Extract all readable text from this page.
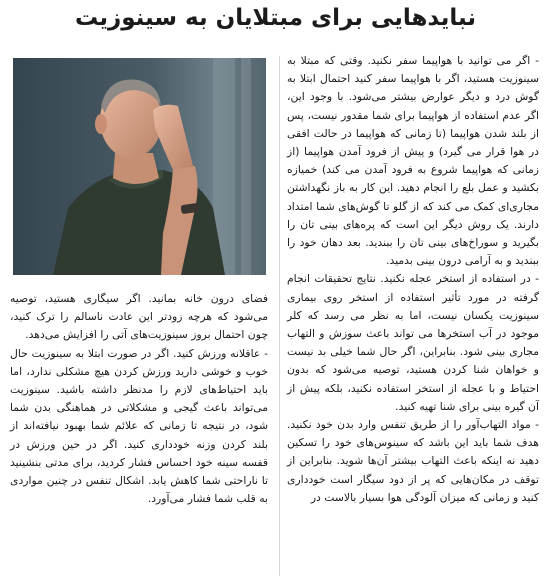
نبایدهایی برای مبتلایان به سینوزیت

- اگر می توانید با هواپیما سفر نکنید. وقتی که مبتلا به سینوزیت هستید، اگر با هواپیما سفر کنید احتمال ابتلا به گوش درد و دیگر عوارض بیشتر می‌شود. با وجود این، اگر عدم استفاده از هواپیما برای شما مقدور نیست، پس از بلند شدن هواپیما (تا زمانی که هواپیما در حالت افقی در هوا قرار می گیرد) و پیش از فرود آمدن هواپیما (از زمانی که هواپیما شروع به فرود آمدن می کند) خمیازه بکشید و عمل بلع را انجام دهید. این کار به باز نگهداشتن مجاری‌ای کمک می کند که از گلو تا گوش‌های شما امتداد دارند. یک روش دیگر این است که پره‌های بینی تان را بگیرید و سوراخ‌های بینی تان را ببندید. بعد دهان خود را ببندید و به آرامی درون بینی بدمید.

- در استفاده از استخر عجله نکنید. نتایج تحقیقات انجام گرفته در مورد تأثیر استفاده از استخر روی بیماری سینوزیت یکسان نیست، اما به نظر می رسد که کلر موجود در آب استخرها می تواند باعث سوزش و التهاب مجاری بینی شود. بنابراین، اگر حال شما خیلی بد نیست و خواهان شنا کردن هستید، توصیه می‌شود که بدون احتیاط و با عجله از استخر استفاده نکنید، بلکه پیش از آن گیره بینی برای شنا تهیه کنید.

- مواد التهاب‌آور را از طریق تنفس وارد بدن خود نکنید. هدف شما باید این باشد که سینوس‌های خود را تسکین دهید نه اینکه باعث التهاب بیشتر آن‌ها شوید. بنابراین از توقف در مکان‌هایی که پر از دود سیگار است خودداری کنید و زمانی که میزان آلودگی هوا بسیار بالاست در

فضای درون خانه بمانید. اگر سیگاری هستید، توصیه می‌شود که هرچه زودتر این عادت ناسالم را ترک کنید، چون احتمال بروز سینوزیت‌های آتی را افزایش می‌دهد.

- عاقلانه ورزش کنید. اگر در صورت ابتلا به سینوزیت حال خوب و خوشی دارید ورزش کردن هیچ مشکلی ندارد، اما باید احتیاط‌های لازم را مدنظر داشته باشید. سینوزیت می‌تواند باعث گیجی و مشکلاتی در هماهنگی بدن شما شود، در نتیجه تا زمانی که علائم شما بهبود نیافته‌اند از بلند کردن وزنه خودداری کنید. اگر در حین ورزش در قفسه سینه خود احساس فشار کردید، برای مدتی بنشینید تا ناراحتی شما کاهش یابد. اشکال تنفس در چنین مواردی به قلب شما فشار می‌آورد.
